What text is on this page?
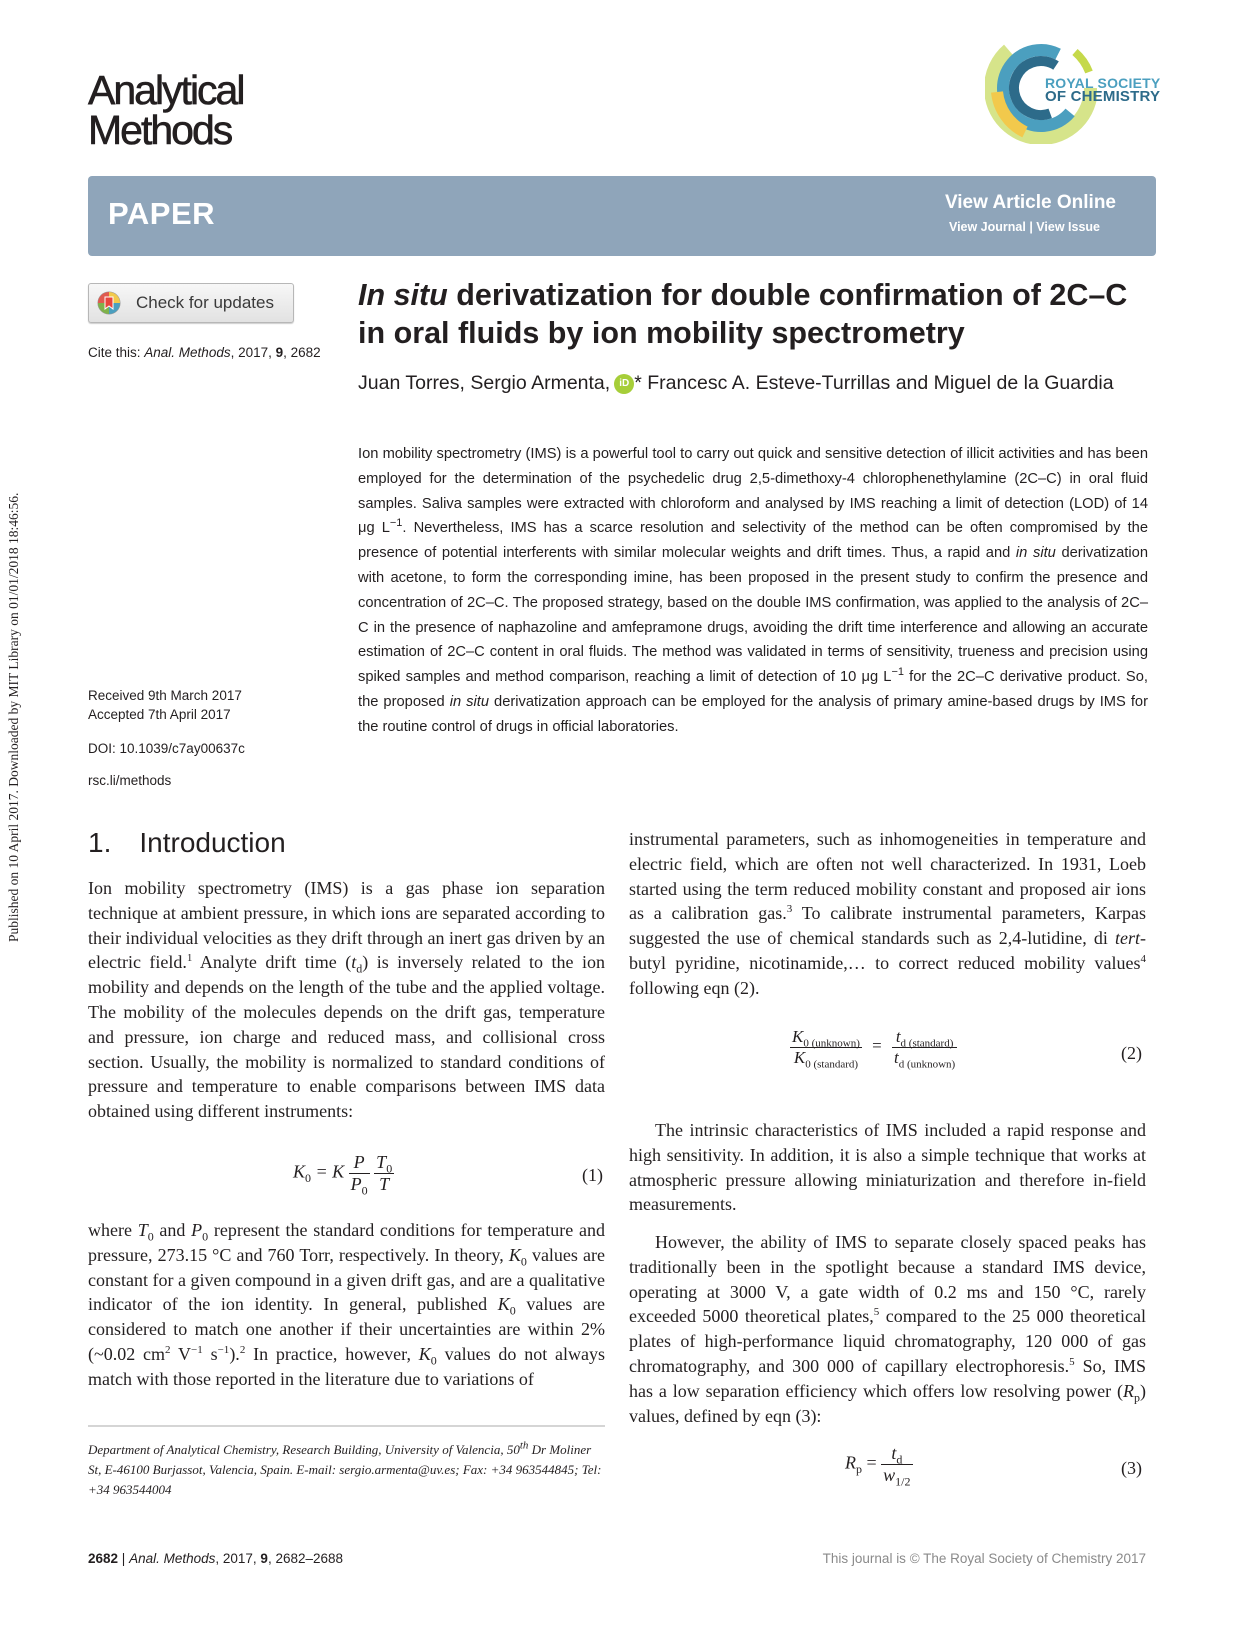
Analytical
Methods
ROYAL SOCIETY
OF CHEMISTRY
PAPER	View Article Online
View Journal | View Issue
Check for updates
Cite this: Anal. Methods, 2017, 9, 2682
Received 9th March 2017
Accepted 7th April 2017
DOI: 10.1039/c7ay00637c
rsc.li/methods
In situ derivatization for double confirmation of 2C–C in oral fluids by ion mobility spectrometry
Juan Torres, Sergio Armenta, iD * Francesc A. Esteve-Turrillas and Miguel de la Guardia
Ion mobility spectrometry (IMS) is a powerful tool to carry out quick and sensitive detection of illicit activities and has been employed for the determination of the psychedelic drug 2,5-dimethoxy-4 chlorophenethylamine (2C–C) in oral fluid samples. Saliva samples were extracted with chloroform and analysed by IMS reaching a limit of detection (LOD) of 14 μg $L^{-1}$. Nevertheless, IMS has a scarce resolution and selectivity of the method can be often compromised by the presence of potential interferents with similar molecular weights and drift times. Thus, a rapid and in situ derivatization with acetone, to form the corresponding imine, has been proposed in the present study to confirm the presence and concentration of 2C–C. The proposed strategy, based on the double IMS confirmation, was applied to the analysis of 2C–C in the presence of naphazoline and amfepramone drugs, avoiding the drift time interference and allowing an accurate estimation of 2C–C content in oral fluids. The method was validated in terms of sensitivity, trueness and precision using spiked samples and method comparison, reaching a limit of detection of 10 μg $L^{-1}$ for the 2C–C derivative product. So, the proposed in situ derivatization approach can be employed for the analysis of primary amine-based drugs by IMS for the routine control of drugs in official laboratories.
1. Introduction
Ion mobility spectrometry (IMS) is a gas phase ion separation technique at ambient pressure, in which ions are separated according to their individual velocities as they drift through an inert gas driven by an electric field.$^1$ Analyte drift time $(t_d)$ is inversely related to the ion mobility and depends on the length of the tube and the applied voltage. The mobility of the molecules depends on the drift gas, temperature and pressure, ion charge and reduced mass, and collisional cross section. Usually, the mobility is normalized to standard conditions of pressure and temperature to enable comparisons between IMS data obtained using different instruments:
$K_0 = K \frac{P}{P_0}$
$\frac{T_0}{T}$	(1)
where $T_0$ and $P_0$ represent the standard conditions for temperature and pressure, 273.15 °C and 760 Torr, respectively. In theory, $K_0$ values are constant for a given compound in a given drift gas, and are a qualitative indicator of the ion identity. In general, published $K_0$ values are considered to match one another if their uncertainties are within 2% (~0.02 $cm^2$ $V^{-1}$ $s^{-1}).^2$ In practice, however, $K_0$ values do not always match with those reported in the literature due to variations of
Department of Analytical Chemistry, Research Building, University of Valencia, 50th Dr Moliner St, E-46100 Burjassot, Valencia, Spain. E-mail: sergio.armenta@uv.es; Fax: +34 963544845; Tel: +34 963544004
instrumental parameters, such as inhomogeneities in temperature and electric field, which are often not well characterized. In 1931, Loeb started using the term reduced mobility constant and proposed air ions as a calibration gas.$^3$ To calibrate instrumental parameters, Karpas suggested the use of chemical standards such as 2,4-lutidine, di tert-butyl pyridine, nicotinamide,… to correct reduced mobility values$^4$ following eqn (2).
$\frac{K_{0 (unknown)}}{K_{0 (standard)}} = \frac{t_{d (standard)}}{t_{d (unknown)}}$	(2)
The intrinsic characteristics of IMS included a rapid response and high sensitivity. In addition, it is also a simple technique that works at atmospheric pressure allowing miniaturization and therefore in-field measurements.
However, the ability of IMS to separate closely spaced peaks has traditionally been in the spotlight because a standard IMS device, operating at 3000 V, a gate width of 0.2 ms and 150 °C, rarely exceeded 5000 theoretical plates,$^5$ compared to the 25 000 theoretical plates of high-performance liquid chromatography, 120 000 of gas chromatography, and 300 000 of capillary electrophoresis.$^5$ So, IMS has a low separation efficiency which offers low resolving power $(R_p)$ values, defined by eqn (3):
$R_p = \frac{t_d}{w_{1/2}}$	(3)
2682 | Anal. Methods, 2017, 9, 2682–2688	This journal is © The Royal Society of Chemistry 2017
Published on 10 April 2017. Downloaded by MIT Library on 01/01/2018 18:46:56.
